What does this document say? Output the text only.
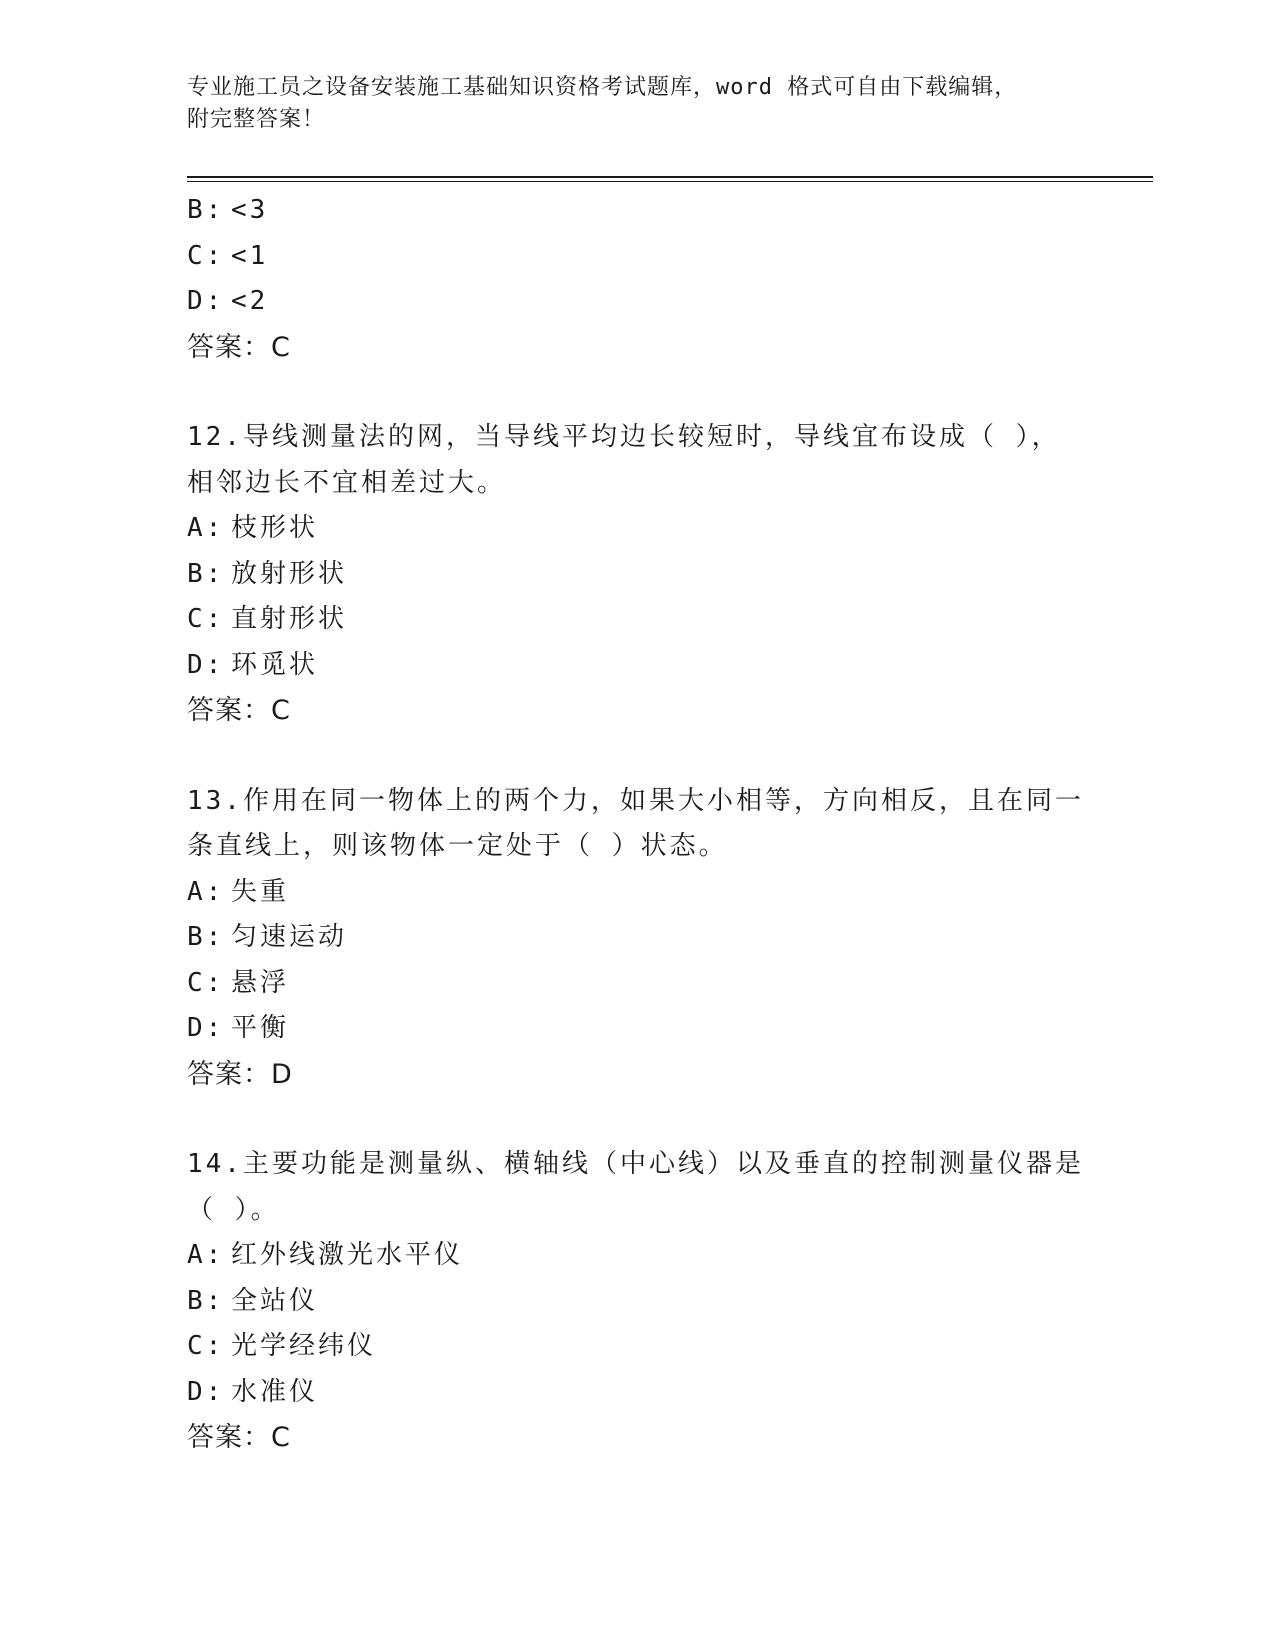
专业施工员之设备安装施工基础知识资格考试题库，word 格式可自由下载编辑，
附完整答案！
B: <3
C: <1
D: <2
答案：C
12.导线测量法的网，当导线平均边长较短时，导线宜布设成（ ），
相邻边长不宜相差过大。
A: 枝形状
B: 放射形状
C: 直射形状
D: 环觅状
答案：C
13.作用在同一物体上的两个力，如果大小相等，方向相反，且在同一
条直线上，则该物体一定处于（ ）状态。
A: 失重
B: 匀速运动
C: 悬浮
D: 平衡
答案：D
14.主要功能是测量纵、横轴线（中心线）以及垂直的控制测量仪器是
（ ）。
A: 红外线激光水平仪
B: 全站仪
C: 光学经纬仪
D: 水准仪
答案：C
